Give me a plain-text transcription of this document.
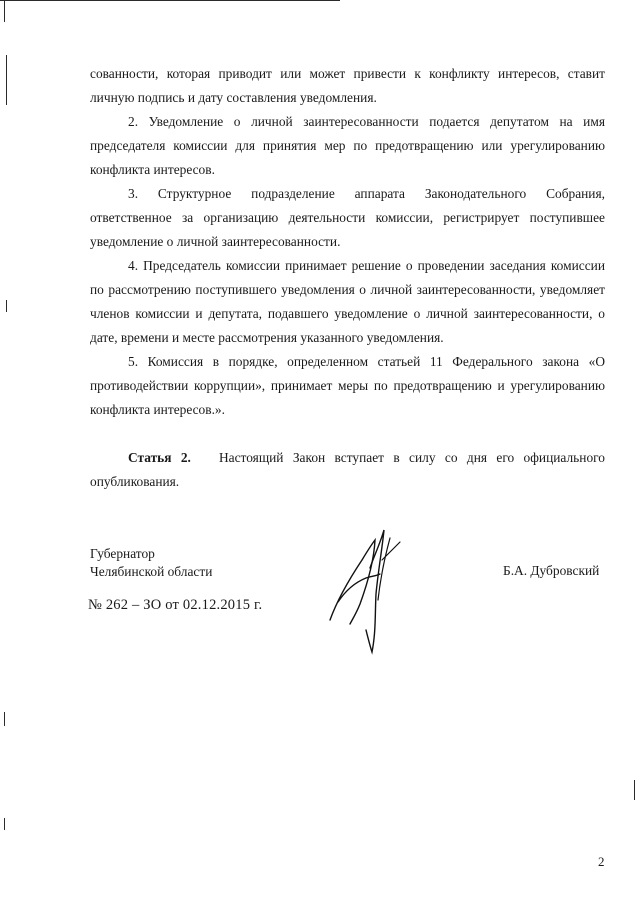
сованности, которая приводит или может привести к конфликту интересов, ставит личную подпись и дату составления уведомления.

2. Уведомление о личной заинтересованности подается депутатом на имя председателя комиссии для принятия мер по предотвращению или урегулированию конфликта интересов.

3. Структурное подразделение аппарата Законодательного Собрания, ответственное за организацию деятельности комиссии, регистрирует поступившее уведомление о личной заинтересованности.

4. Председатель комиссии принимает решение о проведении заседания комиссии по рассмотрению поступившего уведомления о личной заинтересованности, уведомляет членов комиссии и депутата, подавшего уведомление о личной заинтересованности, о дате, времени и месте рассмотрения указанного уведомления.

5. Комиссия в порядке, определенном статьей 11 Федерального закона «О противодействии коррупции», принимает меры по предотвращению и урегулированию конфликта интересов.».

Статья 2. Настоящий Закон вступает в силу со дня его официального опубликования.

Губернатор
Челябинской области	Б.А. Дубровский
№ 262 – ЗО от 02.12.2015 г.
2
